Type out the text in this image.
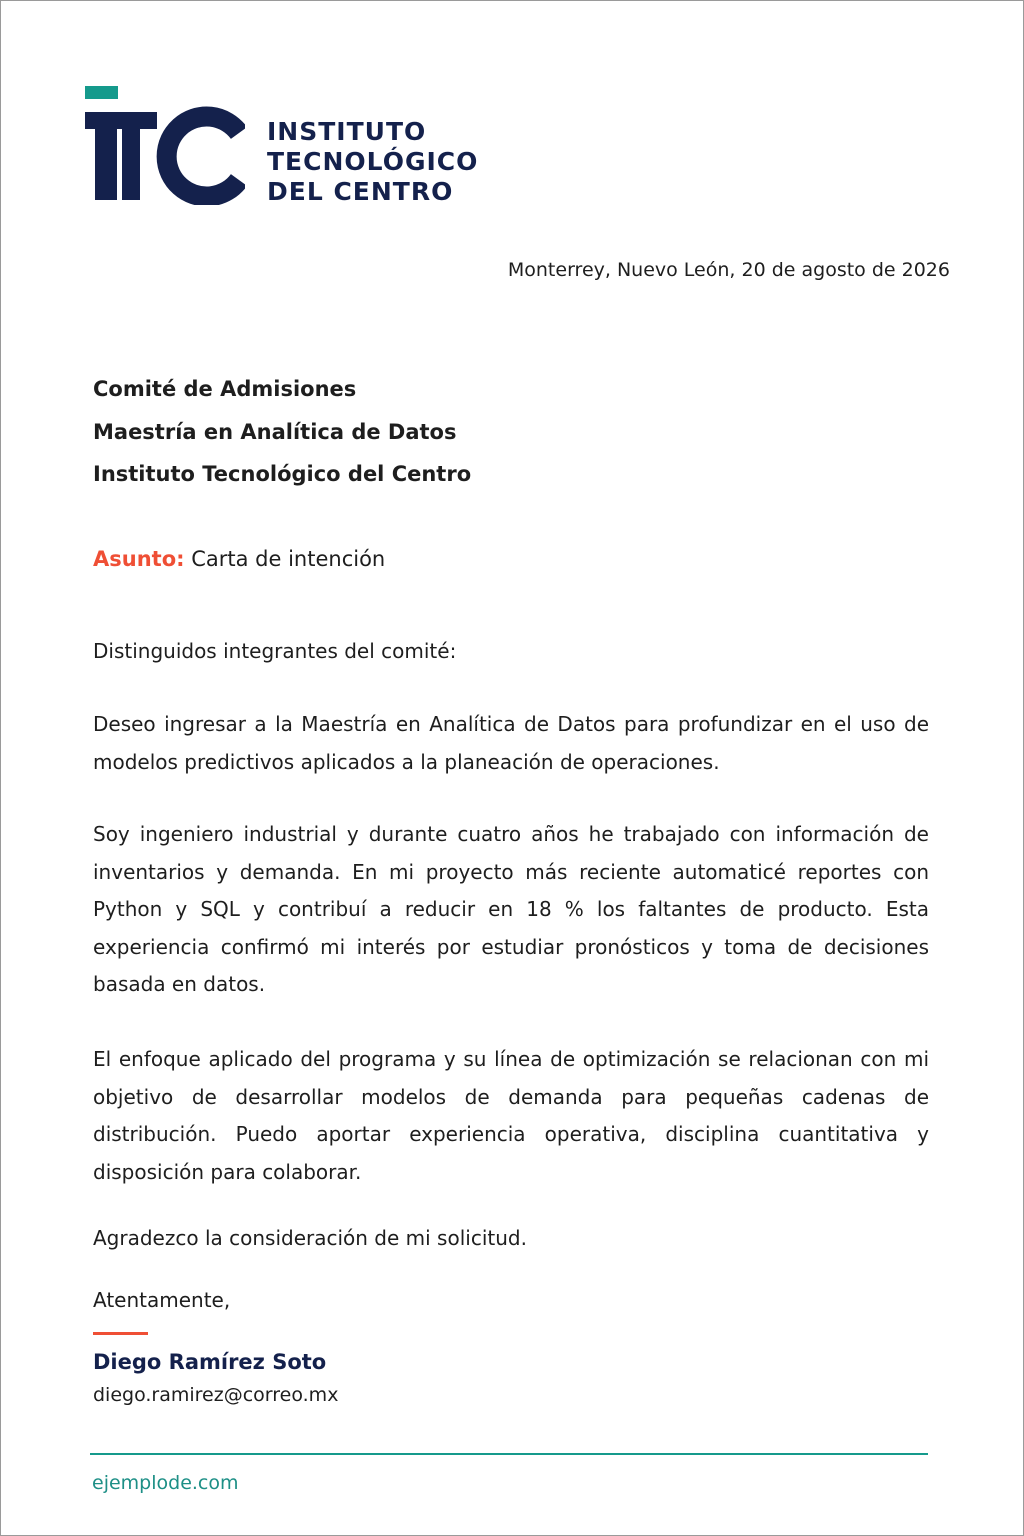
INSTITUTO
TECNOLÓGICO
DEL CENTRO
Monterrey, Nuevo León, 20 de agosto de 2026
Comité de Admisiones
Maestría en Analítica de Datos
Instituto Tecnológico del Centro
Asunto: Carta de intención
Distinguidos integrantes del comité:

Deseo ingresar a la Maestría en Analítica de Datos para profundizar en el uso de modelos predictivos aplicados a la planeación de operaciones.

Soy ingeniero industrial y durante cuatro años he trabajado con información de inventarios y demanda. En mi proyecto más reciente automaticé reportes con Python y SQL y contribuí a reducir en 18 % los faltantes de producto. Esta experiencia confirmó mi interés por estudiar pronósticos y toma de decisiones basada en datos.

El enfoque aplicado del programa y su línea de optimización se relacionan con mi objetivo de desarrollar modelos de demanda para pequeñas cadenas de distribución. Puedo aportar experiencia operativa, disciplina cuantitativa y disposición para colaborar.

Agradezco la consideración de mi solicitud.
Atentamente,
Diego Ramírez Soto
diego.ramirez@correo.mx
ejemplode.com
